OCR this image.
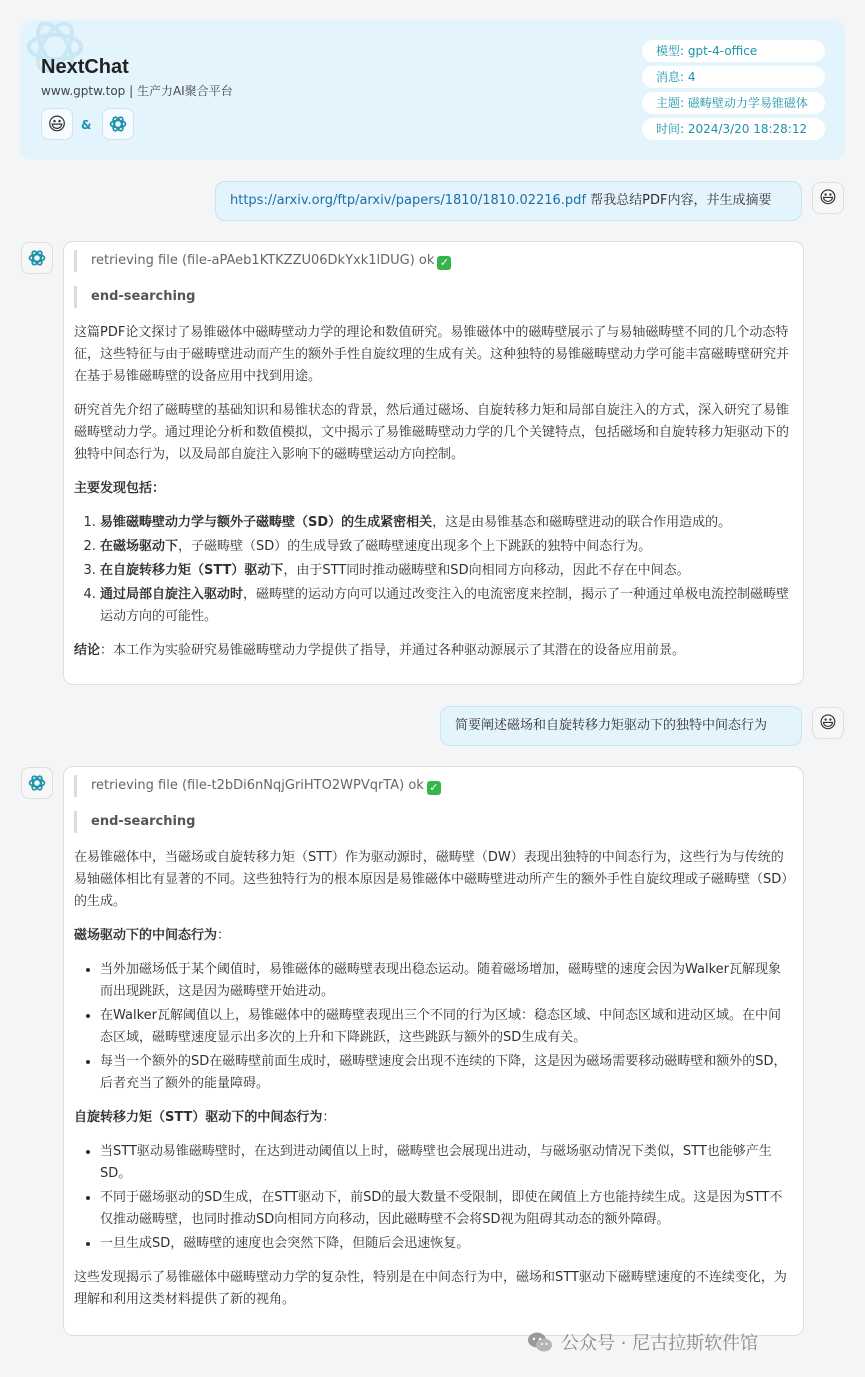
NextChat
www.gptw.top | 生产力AI聚合平台
😃 &
模型: gpt-4-office
消息: 4
主题: 磁畴壁动力学易锥磁体
时间: 2024/3/20 18:28:12
https://arxiv.org/ftp/arxiv/papers/1810/1810.02216.pdf 帮我总结PDF内容，并生成摘要	😃
retrieving file (file-aPAeb1KTKZZU06DkYxk1lDUG) ok ✓
end-searching

这篇PDF论文探讨了易锥磁体中磁畴壁动力学的理论和数值研究。易锥磁体中的磁畴壁展示了与易轴磁畴壁不同的几个动态特征，这些特征与由于磁畴壁进动而产生的额外手性自旋纹理的生成有关。这种独特的易锥磁畴壁动力学可能丰富磁畴壁研究并在基于易锥磁畴壁的设备应用中找到用途。

研究首先介绍了磁畴壁的基础知识和易锥状态的背景，然后通过磁场、自旋转移力矩和局部自旋注入的方式，深入研究了易锥磁畴壁动力学。通过理论分析和数值模拟，文中揭示了易锥磁畴壁动力学的几个关键特点，包括磁场和自旋转移力矩驱动下的独特中间态行为，以及局部自旋注入影响下的磁畴壁运动方向控制。

主要发现包括：

1. 易锥磁畴壁动力学与额外子磁畴壁（SD）的生成紧密相关，这是由易锥基态和磁畴壁进动的联合作用造成的。
2. 在磁场驱动下，子磁畴壁（SD）的生成导致了磁畴壁速度出现多个上下跳跃的独特中间态行为。
3. 在自旋转移力矩（STT）驱动下，由于STT同时推动磁畴壁和SD向相同方向移动，因此不存在中间态。
4. 通过局部自旋注入驱动时，磁畴壁的运动方向可以通过改变注入的电流密度来控制，揭示了一种通过单极电流控制磁畴壁运动方向的可能性。

结论：本工作为实验研究易锥磁畴壁动力学提供了指导，并通过各种驱动源展示了其潜在的设备应用前景。

简要阐述磁场和自旋转移力矩驱动下的独特中间态行为	😃
retrieving file (file-t2bDi6nNqjGriHTO2WPVqrTA) ok ✓
end-searching

在易锥磁体中，当磁场或自旋转移力矩（STT）作为驱动源时，磁畴壁（DW）表现出独特的中间态行为，这些行为与传统的易轴磁体相比有显著的不同。这些独特行为的根本原因是易锥磁体中磁畴壁进动所产生的额外手性自旋纹理或子磁畴壁（SD）的生成。

磁场驱动下的中间态行为：

• 当外加磁场低于某个阈值时，易锥磁体的磁畴壁表现出稳态运动。随着磁场增加，磁畴壁的速度会因为Walker瓦解现象而出现跳跃，这是因为磁畴壁开始进动。
• 在Walker瓦解阈值以上，易锥磁体中的磁畴壁表现出三个不同的行为区域：稳态区域、中间态区域和进动区域。在中间态区域，磁畴壁速度显示出多次的上升和下降跳跃，这些跳跃与额外的SD生成有关。
• 每当一个额外的SD在磁畴壁前面生成时，磁畴壁速度会出现不连续的下降，这是因为磁场需要移动磁畴壁和额外的SD，后者充当了额外的能量障碍。

自旋转移力矩（STT）驱动下的中间态行为：

• 当STT驱动易锥磁畴壁时，在达到进动阈值以上时，磁畴壁也会展现出进动，与磁场驱动情况下类似，STT也能够产生SD。
• 不同于磁场驱动的SD生成，在STT驱动下，前SD的最大数量不受限制，即使在阈值上方也能持续生成。这是因为STT不仅推动磁畴壁，也同时推动SD向相同方向移动，因此磁畴壁不会将SD视为阻碍其动态的额外障碍。
• 一旦生成SD，磁畴壁的速度也会突然下降，但随后会迅速恢复。

这些发现揭示了易锥磁体中磁畴壁动力学的复杂性，特别是在中间态行为中，磁场和STT驱动下磁畴壁速度的不连续变化，为理解和利用这类材料提供了新的视角。

公众号 · 尼古拉斯软件馆
